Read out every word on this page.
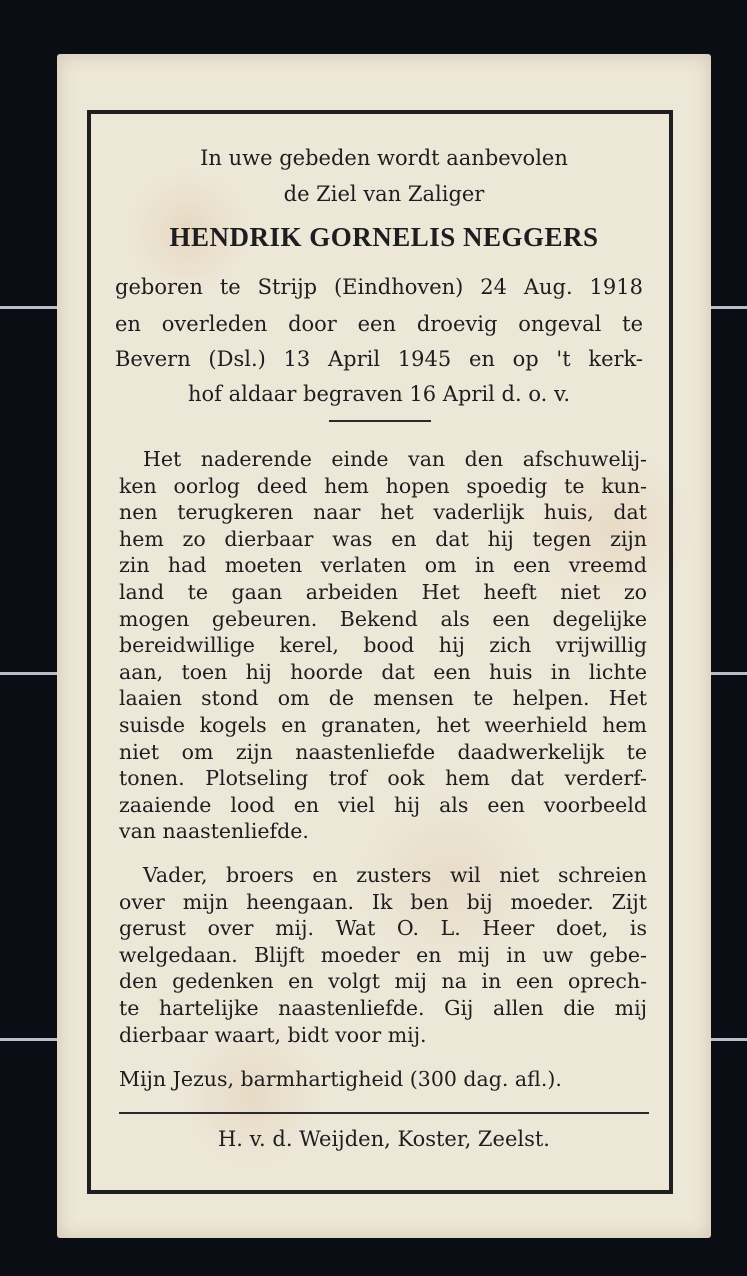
In uwe gebeden wordt aanbevolen
de Ziel van Zaliger
HENDRIK GORNELIS NEGGERS
geboren te Strijp (Eindhoven) 24 Aug. 1918
en overleden door een droevig ongeval te
Bevern (Dsl.) 13 April 1945 en op 't kerk-
hof aldaar begraven 16 April d. o. v.
Het naderende einde van den afschuwelij-
ken oorlog deed hem hopen spoedig te kun-
nen terugkeren naar het vaderlijk huis, dat
hem zo dierbaar was en dat hij tegen zijn
zin had moeten verlaten om in een vreemd
land te gaan arbeiden Het heeft niet zo
mogen gebeuren. Bekend als een degelijke
bereidwillige kerel, bood hij zich vrijwillig
aan, toen hij hoorde dat een huis in lichte
laaien stond om de mensen te helpen. Het
suisde kogels en granaten, het weerhield hem
niet om zijn naastenliefde daadwerkelijk te
tonen. Plotseling trof ook hem dat verderf-
zaaiende lood en viel hij als een voorbeeld
van naastenliefde.
Vader, broers en zusters wil niet schreien
over mijn heengaan. Ik ben bij moeder. Zijt
gerust over mij. Wat O. L. Heer doet, is
welgedaan. Blijft moeder en mij in uw gebe-
den gedenken en volgt mij na in een oprech-
te hartelijke naastenliefde. Gij allen die mij
dierbaar waart, bidt voor mij.
Mijn Jezus, barmhartigheid (300 dag. afl.).
H. v. d. Weijden, Koster, Zeelst.
